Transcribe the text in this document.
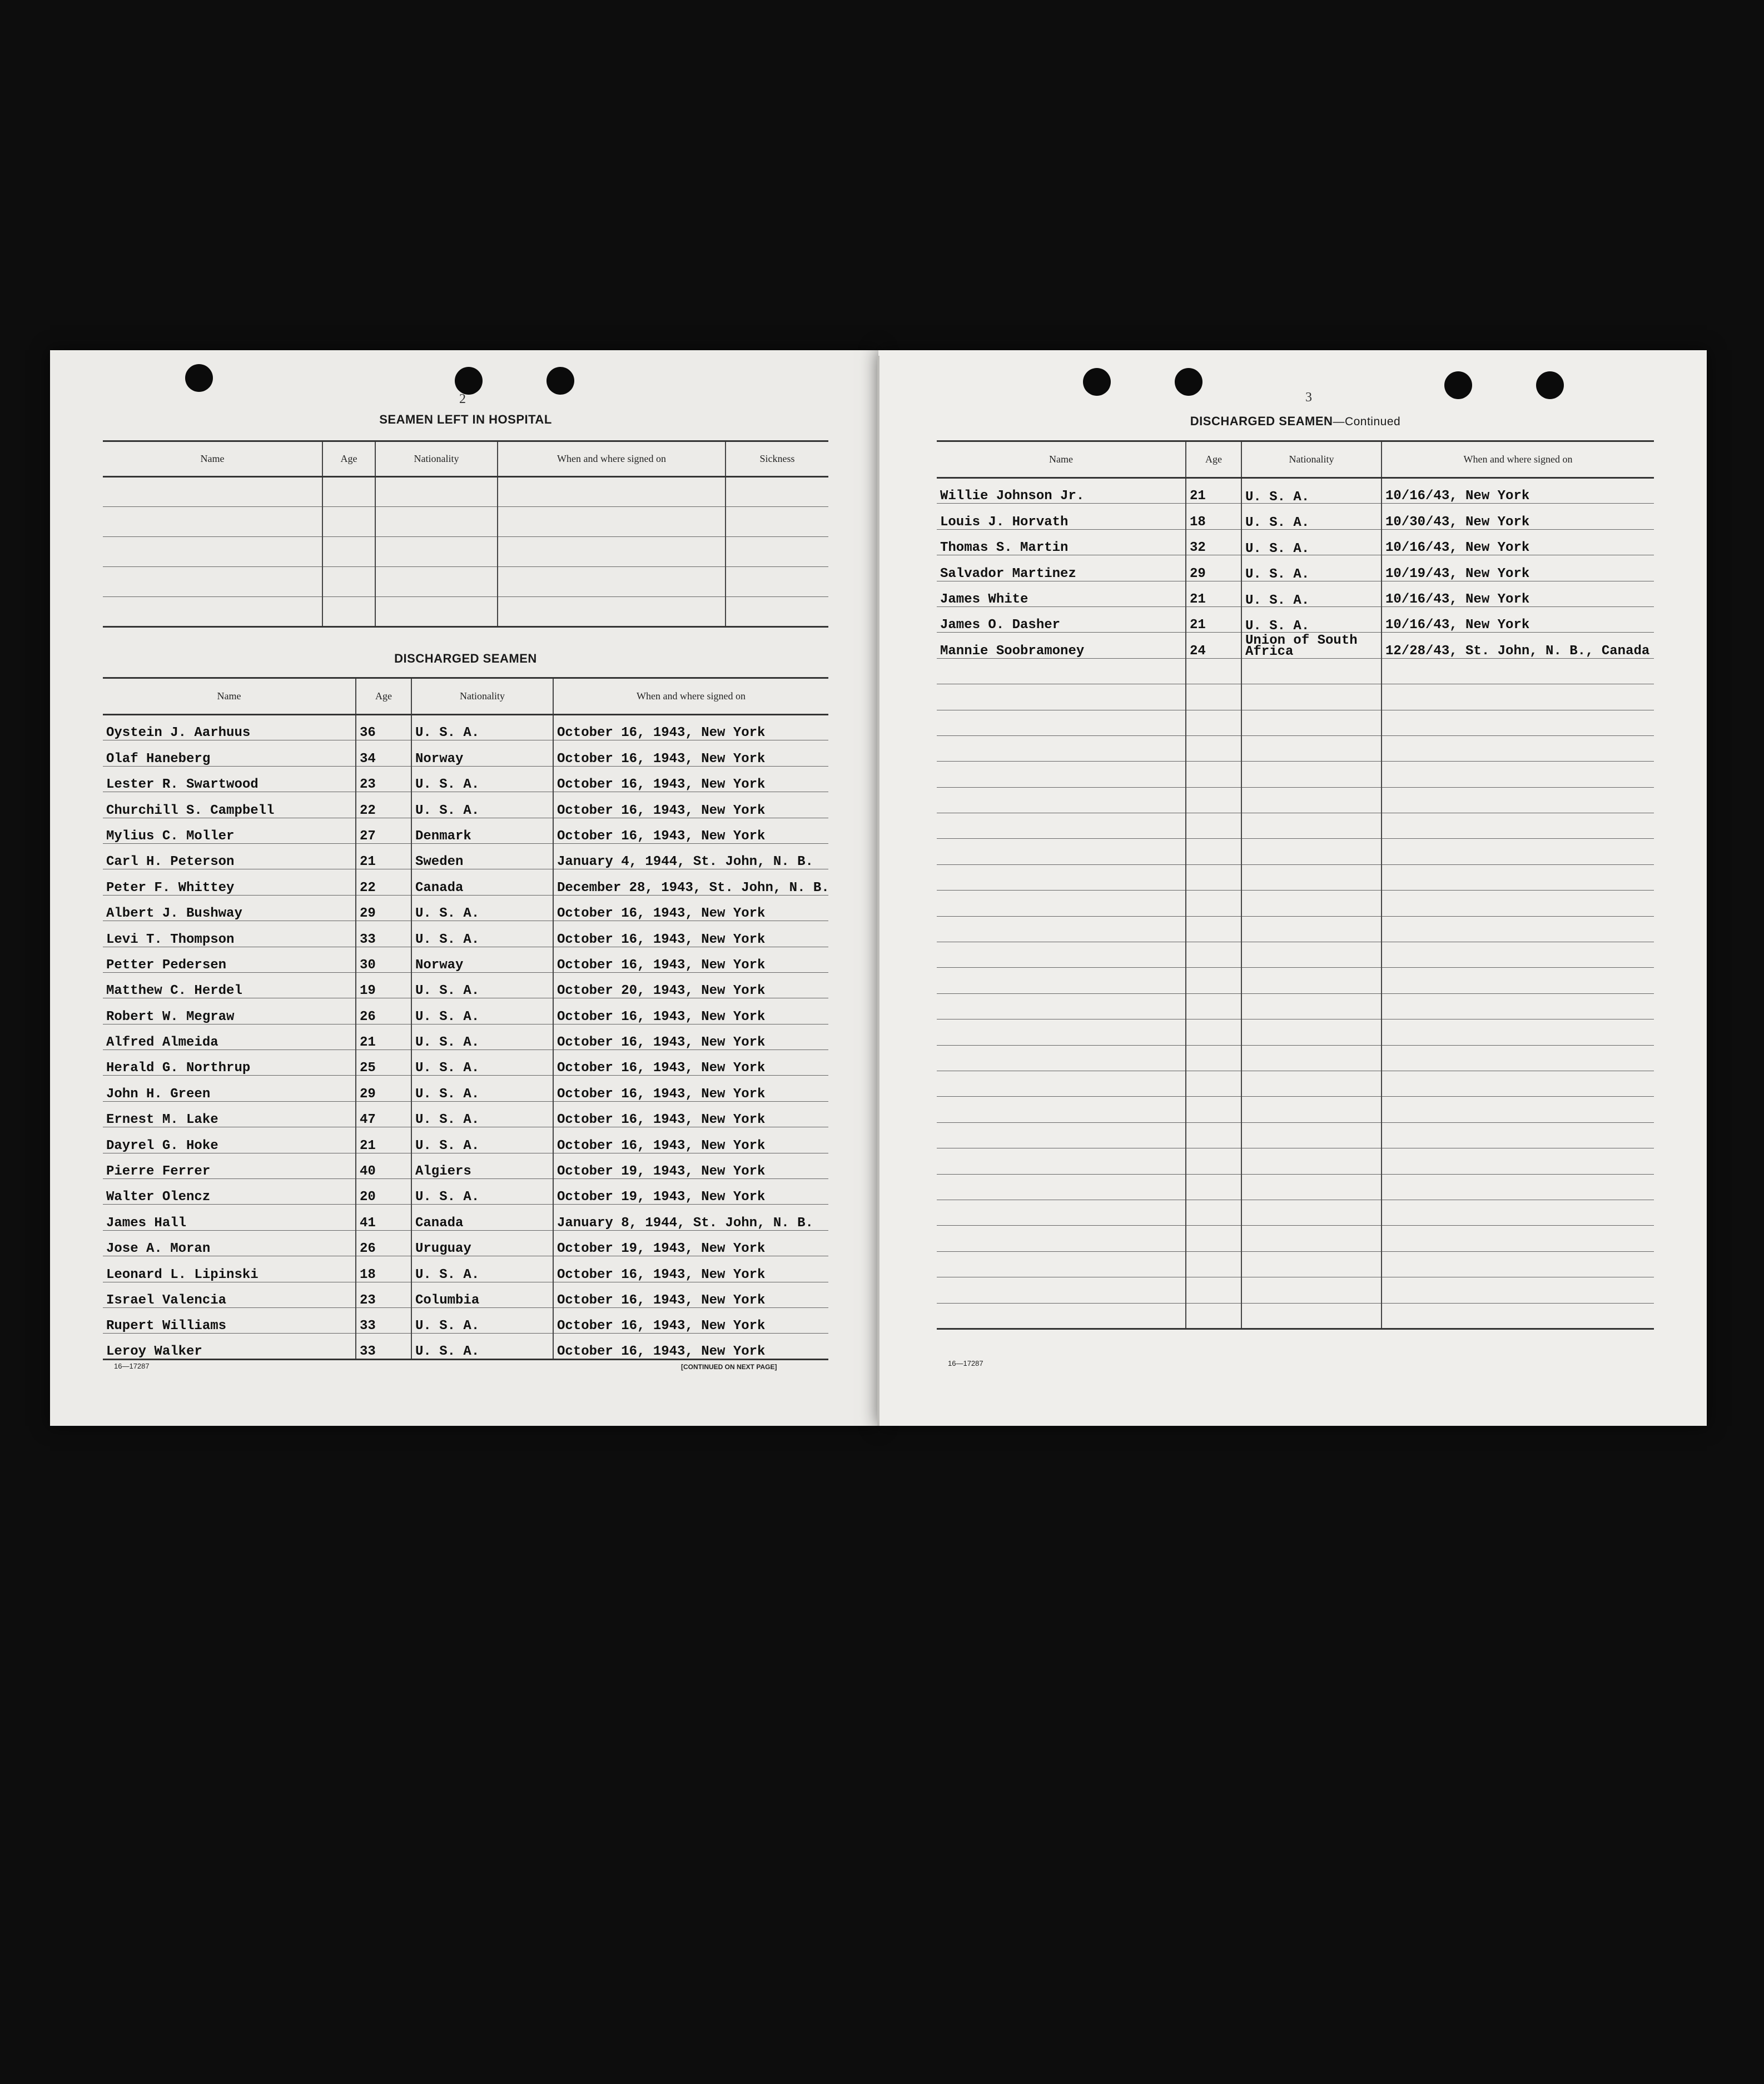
2
SEAMEN LEFT IN HOSPITAL
Name	Age	Nationality	When and where signed on	Sickness

DISCHARGED SEAMEN
Name	Age	Nationality	When and where signed on
Oystein J. Aarhuus	36	U. S. A.	October 16, 1943, New York
Olaf Haneberg	34	Norway	October 16, 1943, New York
Lester R. Swartwood	23	U. S. A.	October 16, 1943, New York
Churchill S. Campbell	22	U. S. A.	October 16, 1943, New York
Mylius C. Moller	27	Denmark	October 16, 1943, New York
Carl H. Peterson	21	Sweden	January 4, 1944, St. John, N. B.
Peter F. Whittey	22	Canada	December 28, 1943, St. John, N. B.
Albert J. Bushway	29	U. S. A.	October 16, 1943, New York
Levi T. Thompson	33	U. S. A.	October 16, 1943, New York
Petter Pedersen	30	Norway	October 16, 1943, New York
Matthew C. Herdel	19	U. S. A.	October 20, 1943, New York
Robert W. Megraw	26	U. S. A.	October 16, 1943, New York
Alfred Almeida	21	U. S. A.	October 16, 1943, New York
Herald G. Northrup	25	U. S. A.	October 16, 1943, New York
John H. Green	29	U. S. A.	October 16, 1943, New York
Ernest M. Lake	47	U. S. A.	October 16, 1943, New York
Dayrel G. Hoke	21	U. S. A.	October 16, 1943, New York
Pierre Ferrer	40	Algiers	October 19, 1943, New York
Walter Olencz	20	U. S. A.	October 19, 1943, New York
James Hall	41	Canada	January 8, 1944, St. John, N. B.
Jose A. Moran	26	Uruguay	October 19, 1943, New York
Leonard L. Lipinski	18	U. S. A.	October 16, 1943, New York
Israel Valencia	23	Columbia	October 16, 1943, New York
Rupert Williams	33	U. S. A.	October 16, 1943, New York
Leroy Walker	33	U. S. A.	October 16, 1943, New York
16—17287	[CONTINUED ON NEXT PAGE]
3
DISCHARGED SEAMEN—Continued
Name	Age	Nationality	When and where signed on
Willie Johnson Jr.	21	U. S. A.	10/16/43, New York
Louis J. Horvath	18	U. S. A.	10/30/43, New York
Thomas S. Martin	32	U. S. A.	10/16/43, New York
Salvador Martinez	29	U. S. A.	10/19/43, New York
James White	21	U. S. A.	10/16/43, New York
James O. Dasher	21	U. S. A.	10/16/43, New York
Mannie Soobramoney	24	Union of South Africa	12/28/43, St. John, N. B., Canada

16—17287
